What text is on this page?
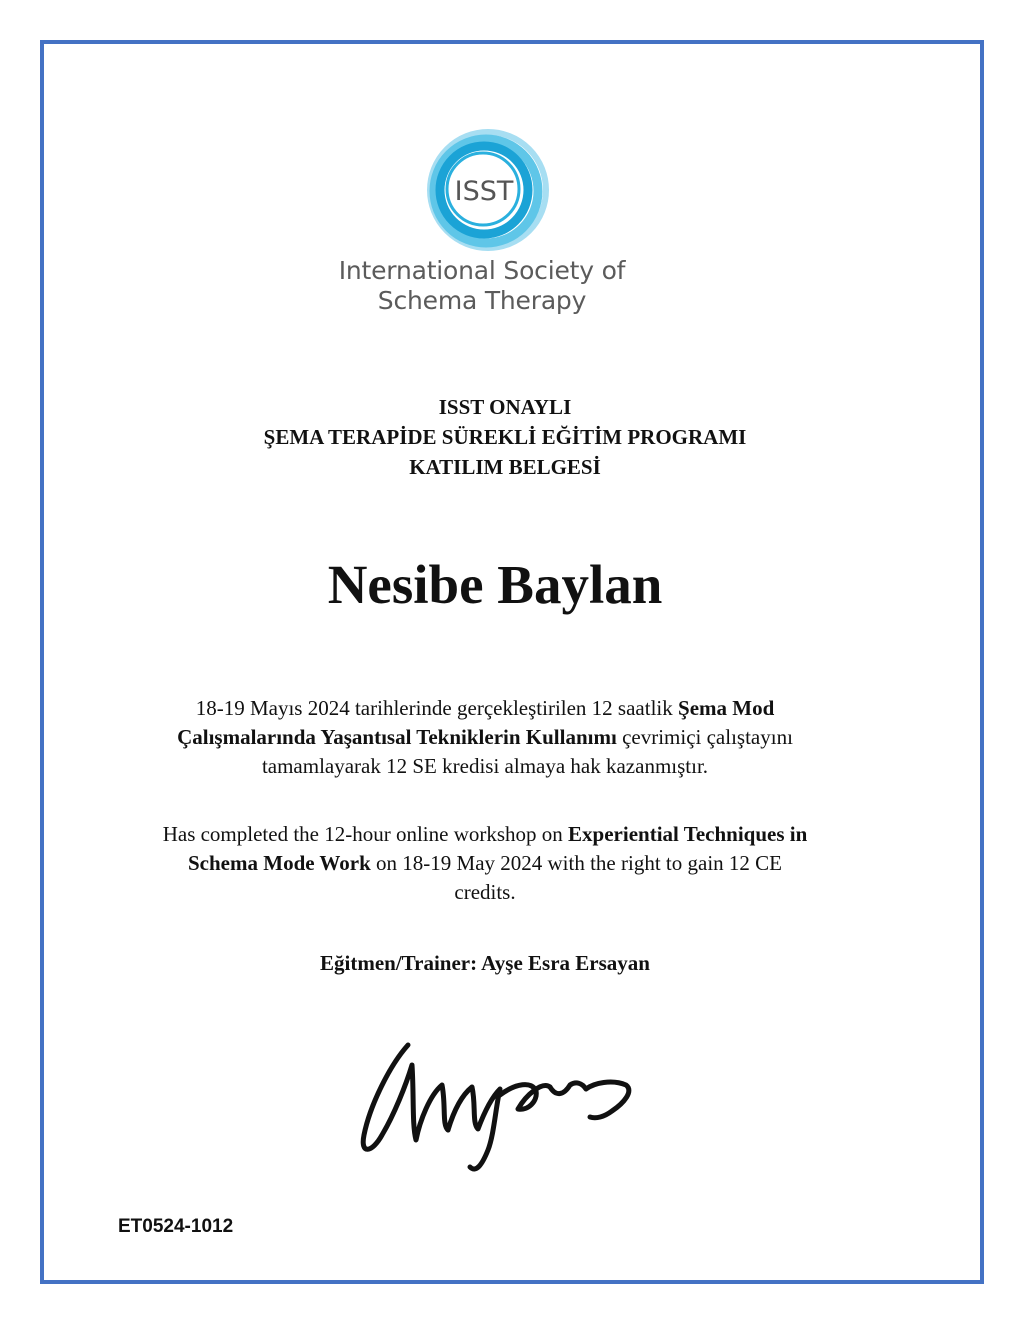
ISST
International Society of
Schema Therapy
ISST ONAYLI
ŞEMA TERAPİDE SÜREKLİ EĞİTİM PROGRAMI
KATILIM BELGESİ
Nesibe Baylan
18-19 Mayıs 2024 tarihlerinde gerçekleştirilen 12 saatlik Şema Mod
Çalışmalarında Yaşantısal Tekniklerin Kullanımı çevrimiçi çalıştayını
tamamlayarak 12 SE kredisi almaya hak kazanmıştır.
Has completed the 12-hour online workshop on Experiential Techniques in
Schema Mode Work on 18-19 May 2024 with the right to gain 12 CE
credits.
Eğitmen/Trainer: Ayşe Esra Ersayan
ET0524-1012
